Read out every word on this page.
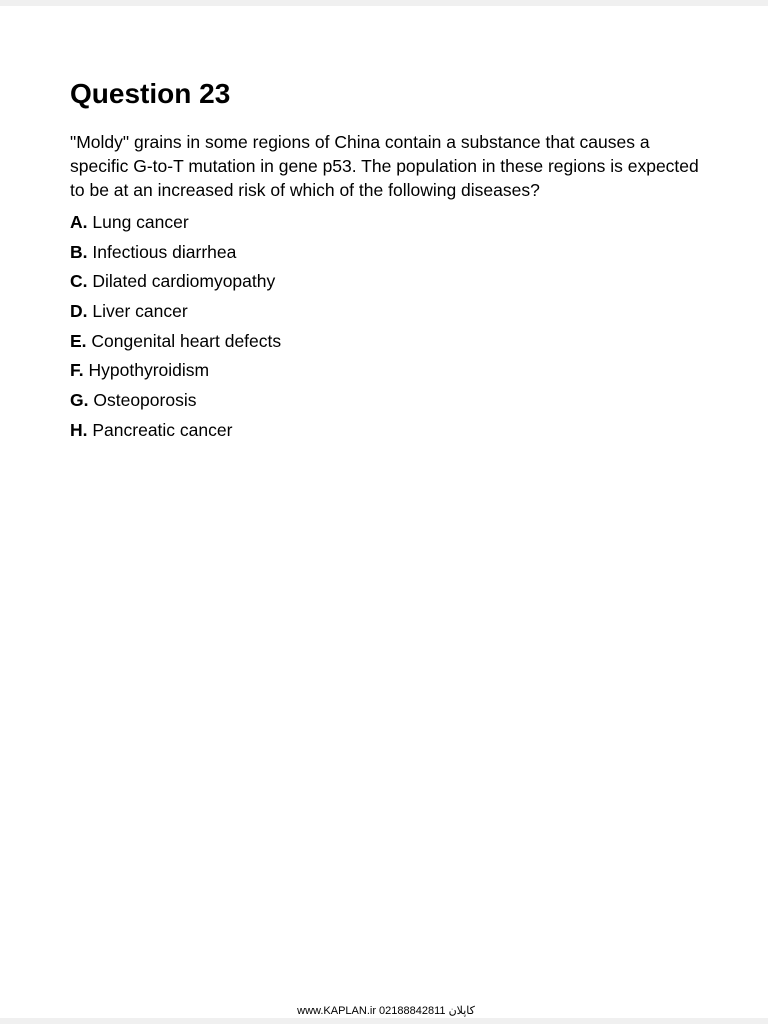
Question 23

"Moldy" grains in some regions of China contain a substance that causes a specific G-to-T mutation in gene p53. The population in these regions is expected to be at an increased risk of which of the following diseases?

A. Lung cancer
B. Infectious diarrhea
C. Dilated cardiomyopathy
D. Liver cancer
E. Congenital heart defects
F. Hypothyroidism
G. Osteoporosis
H. Pancreatic cancer
www.KAPLAN.ir 02188842811 کاپلان
